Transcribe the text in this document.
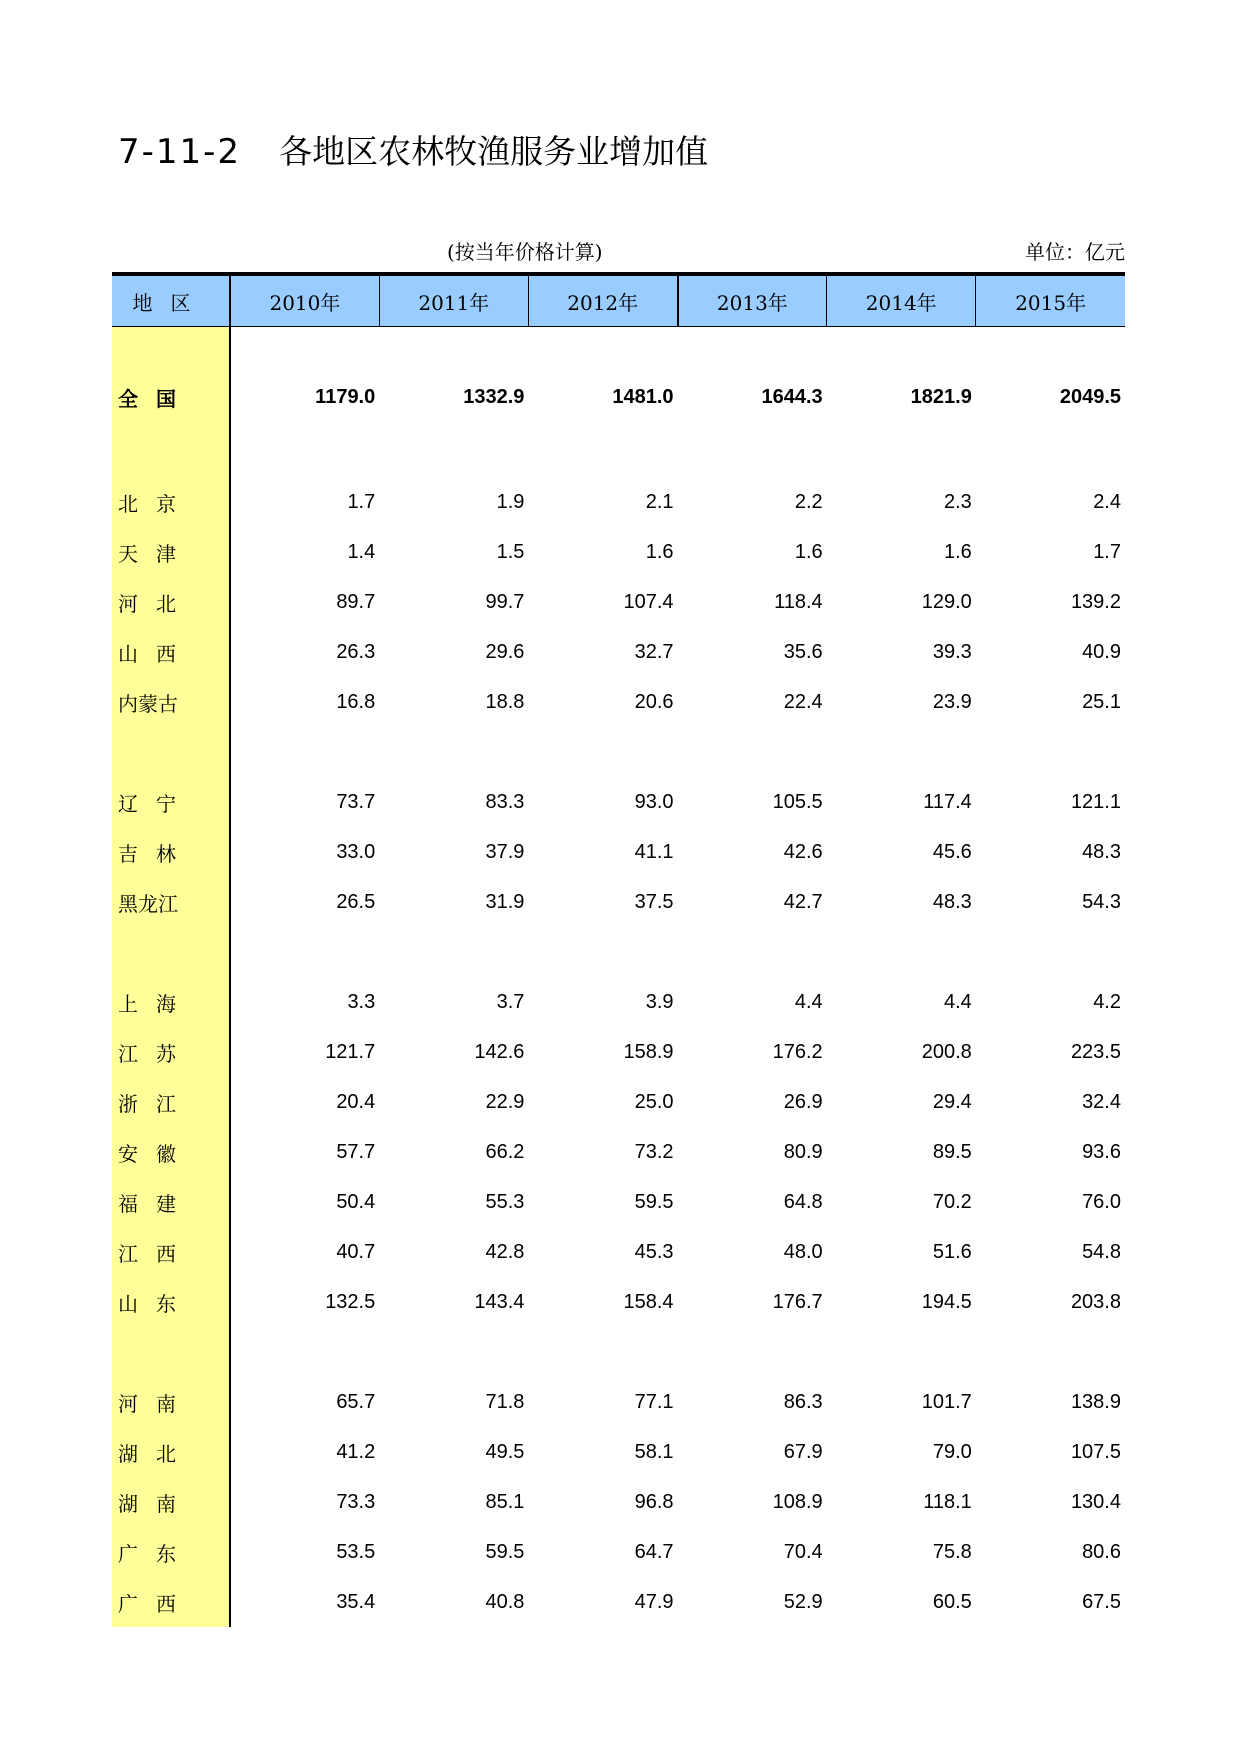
7-11-2 各地区农林牧渔服务业增加值
(按当年价格计算)	单位：亿元
地区	2010年	2011年	2012年	2013年	2014年	2015年

全国	1179.0	1332.9	1481.0	1644.3	1821.9	2049.5

北京	1.7	1.9	2.1	2.2	2.3	2.4
天津	1.4	1.5	1.6	1.6	1.6	1.7
河北	89.7	99.7	107.4	118.4	129.0	139.2
山西	26.3	29.6	32.7	35.6	39.3	40.9
内蒙古	16.8	18.8	20.6	22.4	23.9	25.1

辽宁	73.7	83.3	93.0	105.5	117.4	121.1
吉林	33.0	37.9	41.1	42.6	45.6	48.3
黑龙江	26.5	31.9	37.5	42.7	48.3	54.3

上海	3.3	3.7	3.9	4.4	4.4	4.2
江苏	121.7	142.6	158.9	176.2	200.8	223.5
浙江	20.4	22.9	25.0	26.9	29.4	32.4
安徽	57.7	66.2	73.2	80.9	89.5	93.6
福建	50.4	55.3	59.5	64.8	70.2	76.0
江西	40.7	42.8	45.3	48.0	51.6	54.8
山东	132.5	143.4	158.4	176.7	194.5	203.8

河南	65.7	71.8	77.1	86.3	101.7	138.9
湖北	41.2	49.5	58.1	67.9	79.0	107.5
湖南	73.3	85.1	96.8	108.9	118.1	130.4
广东	53.5	59.5	64.7	70.4	75.8	80.6
广西	35.4	40.8	47.9	52.9	60.5	67.5
